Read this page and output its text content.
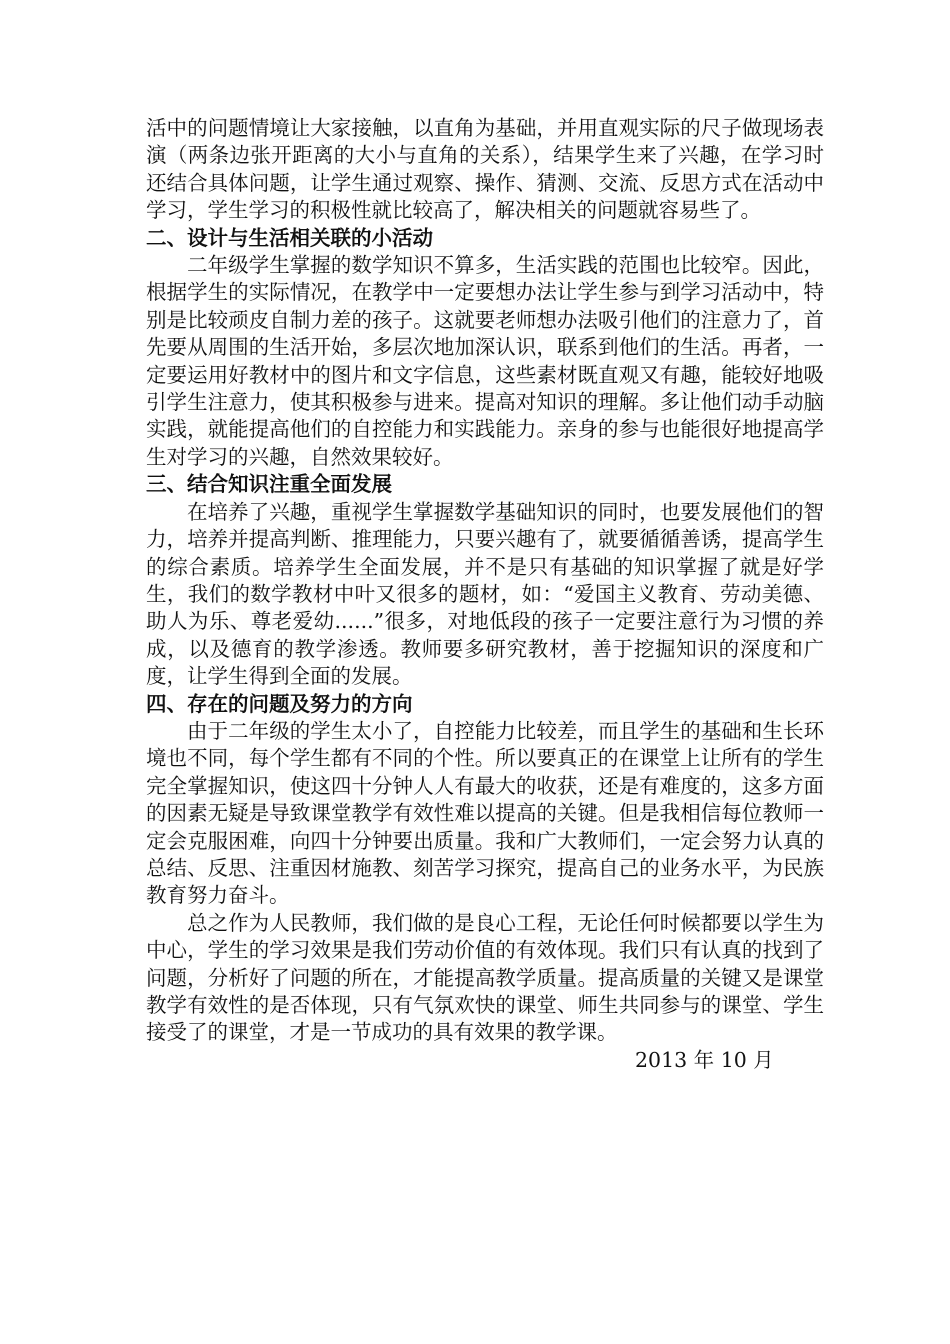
活中的问题情境让大家接触，以直角为基础，并用直观实际的尺子做现场表演（两条边张开距离的大小与直角的关系），结果学生来了兴趣，在学习时还结合具体问题，让学生通过观察、操作、猜测、交流、反思方式在活动中学习，学生学习的积极性就比较高了，解决相关的问题就容易些了。

二、设计与生活相关联的小活动

二年级学生掌握的数学知识不算多，生活实践的范围也比较窄。因此，根据学生的实际情况，在教学中一定要想办法让学生参与到学习活动中，特别是比较顽皮自制力差的孩子。这就要老师想办法吸引他们的注意力了，首先要从周围的生活开始，多层次地加深认识，联系到他们的生活。再者，一定要运用好教材中的图片和文字信息，这些素材既直观又有趣，能较好地吸引学生注意力，使其积极参与进来。提高对知识的理解。多让他们动手动脑实践，就能提高他们的自控能力和实践能力。亲身的参与也能很好地提高学生对学习的兴趣，自然效果较好。

三、结合知识注重全面发展

在培养了兴趣，重视学生掌握数学基础知识的同时，也要发展他们的智力，培养并提高判断、推理能力，只要兴趣有了，就要循循善诱，提高学生的综合素质。培养学生全面发展，并不是只有基础的知识掌握了就是好学生，我们的数学教材中叶又很多的题材，如：“爱国主义教育、劳动美德、助人为乐、尊老爱幼......”很多，对地低段的孩子一定要注意行为习惯的养成，以及德育的教学渗透。教师要多研究教材，善于挖掘知识的深度和广度，让学生得到全面的发展。

四、存在的问题及努力的方向

由于二年级的学生太小了，自控能力比较差，而且学生的基础和生长环境也不同，每个学生都有不同的个性。所以要真正的在课堂上让所有的学生完全掌握知识，使这四十分钟人人有最大的收获，还是有难度的，这多方面的因素无疑是导致课堂教学有效性难以提高的关键。但是我相信每位教师一定会克服困难，向四十分钟要出质量。我和广大教师们，一定会努力认真的总结、反思、注重因材施教、刻苦学习探究，提高自己的业务水平，为民族教育努力奋斗。

总之作为人民教师，我们做的是良心工程，无论任何时候都要以学生为中心，学生的学习效果是我们劳动价值的有效体现。我们只有认真的找到了问题，分析好了问题的所在，才能提高教学质量。提高质量的关键又是课堂教学有效性的是否体现，只有气氛欢快的课堂、师生共同参与的课堂、学生接受了的课堂，才是一节成功的具有效果的教学课。

2013 年 10 月
